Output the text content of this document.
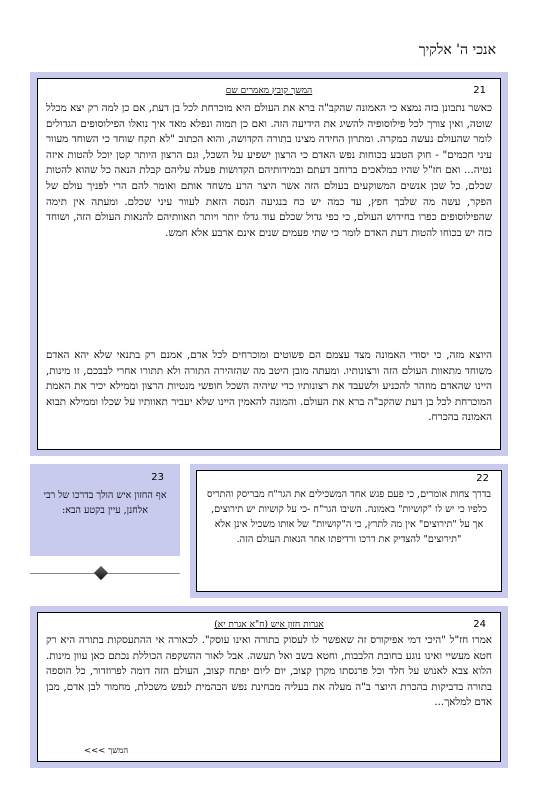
אנכי ה' אלקיך
21
המשך קובץ מאמרים שם
כאשר נתבונן בזה נמצא כי האמונה שהקב"ה ברא את העולם היא מוכרחת לכל בן דעת, אם כן למה רק יצא מכלל שוטה, ואין צורך לכל פילוסופיה להשיג את הידיעה הזה. ואם כן תמוה ונפלא מאד איך נואלו הפילוסופים הגדולים לומר שהעולם נעשה במקרה. ומתרון החידה מצינו בתורה הקדושה, והוא הכתוב "לא תקח שוחד כי השוחד מעוור עיני חכמים" - חוק הטבע בכוחות נפש האדם כי הרצון ישפיע על השכל, וגם הרצון היותר קטן יוכל להטות איזה נטיה... ואם חז"ל שהיו כמלאכים ברוחב דעתם ובמידותיהם הקדושות פעלה עליהם קבלת הנאה כל שהוא להטות שכלם, כל שכן אנשים המשוקעים בעולם הזה אשר היצר הרע משחד אותם ואומר להם הרי לפניך עולם של הפקר, עשה מה שלבך חפץ, עד כמה יש כח בנגיעה הנסה הזאת לעוור עיני שכלם. ומעתה אין תימה שהפילוסופים כפרו בחידוש העולם, כי כפי גדול שכלם עוד גדלו יותר ויותר תאוותיהם להנאות העולם הזה, ושוחד כזה יש בכוחו להטות דעת האדם לומר כי שתי פעמים שנים אינם ארבע אלא חמש.
היוצא מזה, כי יסודי האמונה מצד עצמם הם פשוטים ומוכרחים לכל אדם, אמנם רק בתנאי שלא יהא האדם משוחד מתאוות העולם הזה ורצונותיו. ומעתה מובן היטב מה שהזהירה התורה ולא תתורו אחרי לבבכם, זו מינות, היינו שהאדם מוזהר להכניע ולשעבד את רצונותיו כדי שיהיה השכל חופשי מנטיות הרצון וממילא יכיר את האמת המוכרחת לכל בן דעת שהקב"ה ברא את העולם. והמונה להאמין היינו שלא יעביר תאוותיו על שכלו וממילא תבוא האמונה בהכרח.
23
אף החזון איש הולך בדרכו של רבי אלחנן, עיין בקטע הבא:
22
בדרך צחות אומרים, כי פעם פגש אחד המשכילים את הגר"ח מבריסק והתריס כלפיו כי יש לו "קושיות" באמונה. השיבו הגר"ח -כי על קושיות יש תירוצים, אך על "תירוצים" אין מה לתרץ, כי ה"קושיות" של אותו משכיל אינן אלא "תירוצים" להצדיק את דרכו ורדיפתו אחר הנאות העולם הזה.
24
אגרות חזון איש (ח"א אגרת יא)
אמרו חז"ל "היכי דמי אפיקורס זה שאפשר לו לעסוק בתורה ואינו עוסק". לכאורה אי ההתעסקות בתורה היא רק חטא מעשיי ואינו נוגע בחובת הלבבות, וחטא בשב ואל תעשה. אבל לאור ההשקפה הכוללת נכתם כאן עוון מינות. הלוא צבא לאנוש על חלד וכל פרנסתו מקרן קצוב, יום ליום יפתח קצוב, העולם הזה דומה לפרוזדור, כל הוספה בתורה בדביקות בהכרת היוצר ב"ה מעלה את בעליה מבחינת נפש הבהמית לנפש משכלת, מחמור לבן אדם, מבן אדם למלאך...
המשך >>>
